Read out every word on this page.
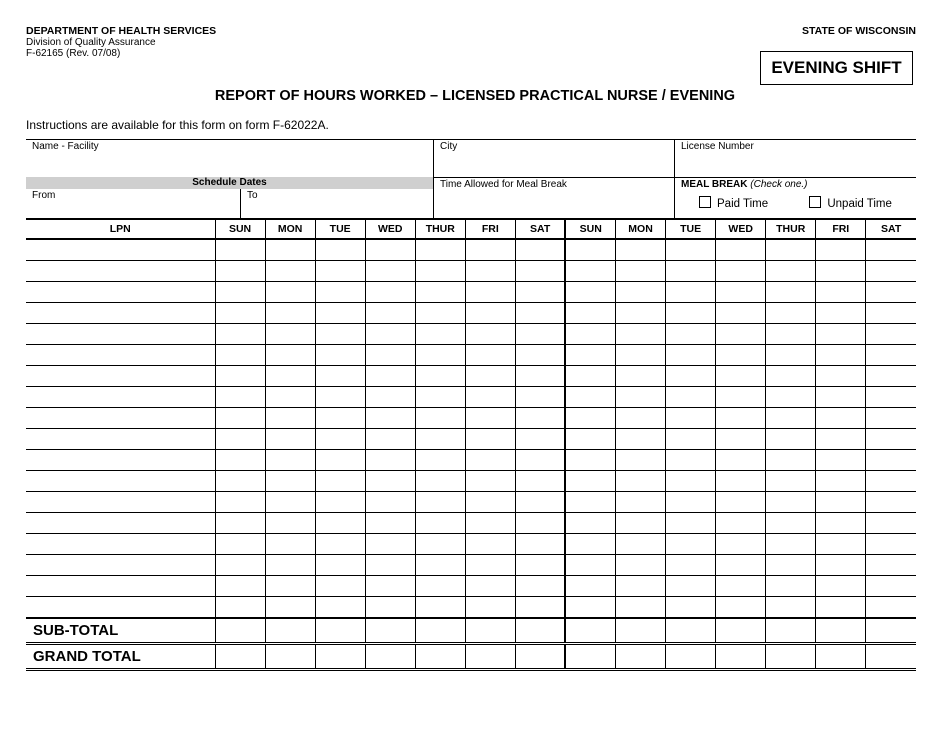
DEPARTMENT OF HEALTH SERVICES
Division of Quality Assurance
F-62165 (Rev. 07/08)
STATE OF WISCONSIN
EVENING SHIFT
REPORT OF HOURS WORKED – LICENSED PRACTICAL NURSE / EVENING
Instructions are available for this form on form F-62022A.
Name - Facility	City	License Number
Schedule Dates
From	To
Time Allowed for Meal Break	MEAL BREAK (Check one.)
Paid Time	Unpaid Time
LPN	SUN	MON	TUE	WED	THUR	FRI	SAT	SUN	MON	TUE	WED	THUR	FRI	SAT

SUB-TOTAL														
GRAND TOTAL														
